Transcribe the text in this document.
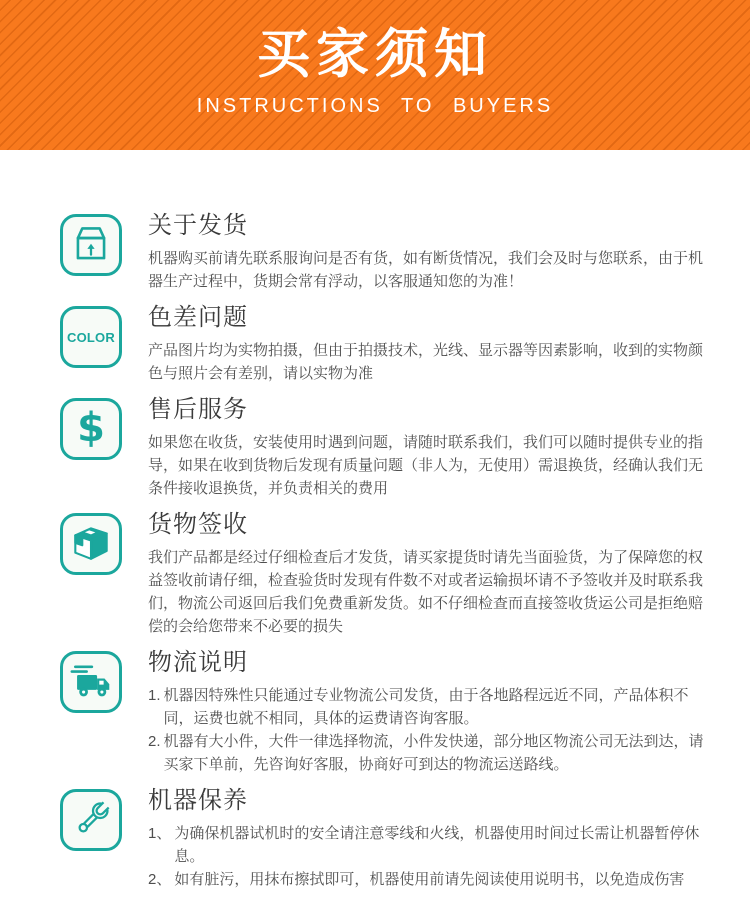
买家须知
INSTRUCTIONS TO BUYERS
关于发货

机器购买前请先联系服询问是否有货，如有断货情况，我们会及时与您联系，由于机器生产过程中，货期会常有浮动，以客服通知您的为准！

COLOR
色差问题

产品图片均为实物拍摄，但由于拍摄技术，光线、显示器等因素影响，收到的实物颜色与照片会有差别，请以实物为准

$ 售后服务

如果您在收货，安装使用时遇到问题，请随时联系我们，我们可以随时提供专业的指导，如果在收到货物后发现有质量问题（非人为，无使用）需退换货，经确认我们无条件接收退换货，并负责相关的费用

货物签收

我们产品都是经过仔细检查后才发货，请买家提货时请先当面验货，为了保障您的权益签收前请仔细，检查验货时发现有件数不对或者运输损坏请不予签收并及时联系我们，物流公司返回后我们免费重新发货。如不仔细检查而直接签收货运公司是拒绝赔偿的会给您带来不必要的损失

物流说明
1. 机器因特殊性只能通过专业物流公司发货，由于各地路程远近不同，产品体积不同，运费也就不相同，具体的运费请咨询客服。
2. 机器有大小件，大件一律选择物流，小件发快递，部分地区物流公司无法到达，请买家下单前，先咨询好客服，协商好可到达的物流运送路线。
机器保养
1、 为确保机器试机时的安全请注意零线和火线，机器使用时间过长需让机器暂停休息。
2、 如有脏污，用抹布擦拭即可，机器使用前请先阅读使用说明书，以免造成伤害
